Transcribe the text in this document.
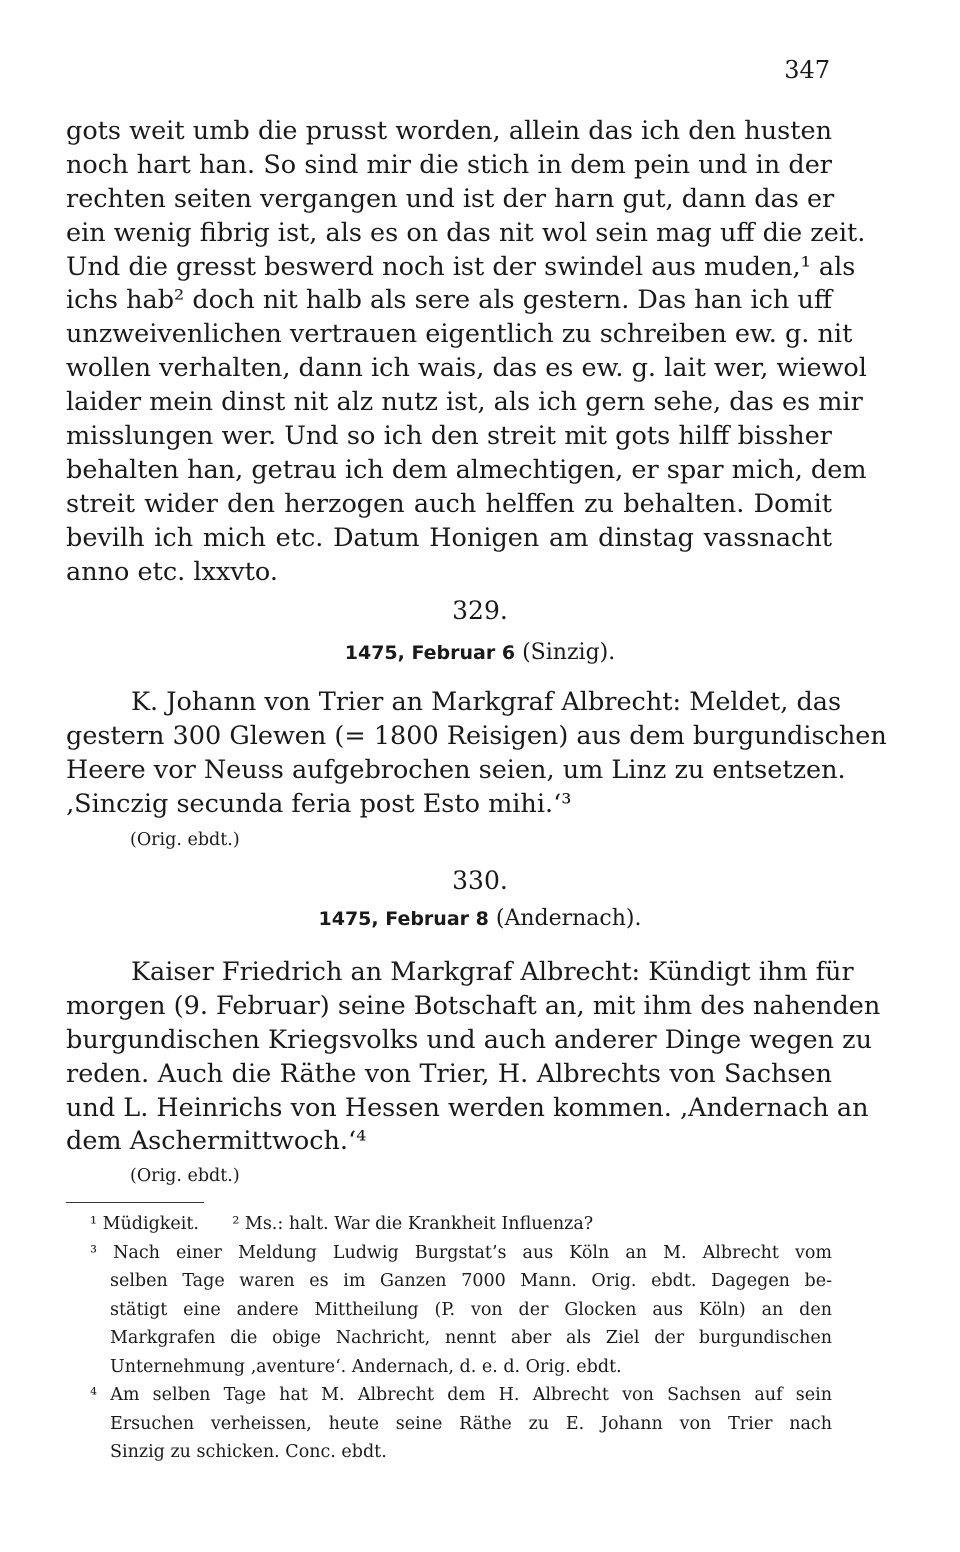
347
gots weit umb die prusst worden, allein das ich den husten
noch hart han. So sind mir die stich in dem pein und in der
rechten seiten vergangen und ist der harn gut, dann das er
ein wenig fibrig ist, als es on das nit wol sein mag uff die zeit.
Und die gresst beswerd noch ist der swindel aus muden,¹ als
ichs hab² doch nit halb als sere als gestern. Das han ich uff
unzweivenlichen vertrauen eigentlich zu schreiben ew. g. nit
wollen verhalten, dann ich wais, das es ew. g. lait wer, wiewol
laider mein dinst nit alz nutz ist, als ich gern sehe, das es mir
misslungen wer. Und so ich den streit mit gots hilff bissher
behalten han, getrau ich dem almechtigen, er spar mich, dem
streit wider den herzogen auch helffen zu behalten. Domit
bevilh ich mich etc. Datum Honigen am dinstag vassnacht
anno etc. lxxvto.
329.
1475, Februar 6 (Sinzig).
K. Johann von Trier an Markgraf Albrecht: Meldet, das
gestern 300 Glewen (= 1800 Reisigen) aus dem burgundischen
Heere vor Neuss aufgebrochen seien, um Linz zu entsetzen.
‚Sinczig secunda feria post Esto mihi.‘³
(Orig. ebdt.)
330.
1475, Februar 8 (Andernach).
Kaiser Friedrich an Markgraf Albrecht: Kündigt ihm für
morgen (9. Februar) seine Botschaft an, mit ihm des nahenden
burgundischen Kriegsvolks und auch anderer Dinge wegen zu
reden. Auch die Räthe von Trier, H. Albrechts von Sachsen
und L. Heinrichs von Hessen werden kommen. ‚Andernach an
dem Aschermittwoch.‘⁴
(Orig. ebdt.)
¹ Müdigkeit. ² Ms.: halt. War die Krankheit Influenza?
³ Nach einer Meldung Ludwig Burgstat’s aus Köln an M. Albrecht vom
selben Tage waren es im Ganzen 7000 Mann. Orig. ebdt. Dagegen be-
stätigt eine andere Mittheilung (P. von der Glocken aus Köln) an den
Markgrafen die obige Nachricht, nennt aber als Ziel der burgundischen
Unternehmung ‚aventure‘. Andernach, d. e. d. Orig. ebdt.
⁴ Am selben Tage hat M. Albrecht dem H. Albrecht von Sachsen auf sein
Ersuchen verheissen, heute seine Räthe zu E. Johann von Trier nach
Sinzig zu schicken. Conc. ebdt.
